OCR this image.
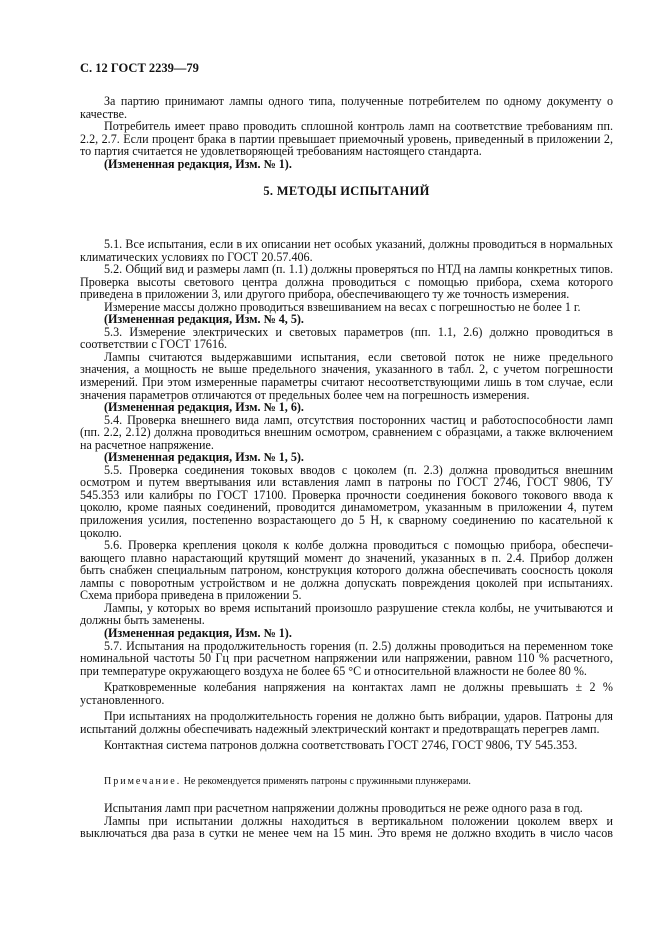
С. 12 ГОСТ 2239—79

За партию принимают лампы одного типа, полученные потребителем по одному документу о качестве.

Потребитель имеет право проводить сплошной контроль ламп на соответствие требованиям пп. 2.2, 2.7. Если процент брака в партии превышает приемочный уровень, приведенный в приложении 2, то партия считается не удовлетворяющей требованиям настоящего стандарта.

(Измененная редакция, Изм. № 1).

5. МЕТОДЫ ИСПЫТАНИЙ

5.1. Все испытания, если в их описании нет особых указаний, должны проводиться в нормальных климатических условиях по ГОСТ 20.57.406.

5.2. Общий вид и размеры ламп (п. 1.1) должны проверяться по НТД на лампы конкретных типов. Проверка высоты светового центра должна проводиться с помощью прибора, схема которого приведена в приложении 3, или другого прибора, обеспечивающего ту же точность измерения.

Измерение массы должно проводиться взвешиванием на весах с погрешностью не более 1 г.

(Измененная редакция, Изм. № 4, 5).

5.3. Измерение электрических и световых параметров (пп. 1.1, 2.6) должно проводиться в соответствии с ГОСТ 17616.

Лампы считаются выдержавшими испытания, если световой поток не ниже предельного значения, а мощность не выше предельного значения, указанного в табл. 2, с учетом погрешности измерений. При этом измеренные параметры считают несоответствующими лишь в том случае, если значения параметров отличаются от предельных более чем на погрешность измерения.

(Измененная редакция, Изм. № 1, 6).

5.4. Проверка внешнего вида ламп, отсутствия посторонних частиц и работоспособности ламп (пп. 2.2, 2.12) должна проводиться внешним осмотром, сравнением с образцами, а также включением на расчетное напряжение.

(Измененная редакция, Изм. № 1, 5).

5.5. Проверка соединения токовых вводов с цоколем (п. 2.3) должна проводиться внешним осмотром и путем ввертывания или вставления ламп в патроны по ГОСТ 2746, ГОСТ 9806, ТУ 545.353 или калибры по ГОСТ 17100. Проверка прочности соединения бокового токового ввода к цоколю, кроме паяных соединений, проводится динамометром, указанным в приложении 4, путем приложения усилия, постепенно возрастающего до 5 Н, к сварному соединению по касательной к цоколю.

5.6. Проверка крепления цоколя к колбе должна проводиться с помощью прибора, обеспечивающего плавно нарастающий крутящий момент до значений, указанных в п. 2.4. Прибор должен быть снабжен специальным патроном, конструкция которого должна обеспечивать соосность цоколя лампы с поворотным устройством и не должна допускать повреждения цоколей при испытаниях. Схема прибора приведена в приложении 5.

Лампы, у которых во время испытаний произошло разрушение стекла колбы, не учитываются и должны быть заменены.

(Измененная редакция, Изм. № 1).

5.7. Испытания на продолжительность горения (п. 2.5) должны проводиться на переменном токе номинальной частоты 50 Гц при расчетном напряжении или напряжении, равном 110 % расчетного, при температуре окружающего воздуха не более 65 °С и относительной влажности не более 80 %.

Кратковременные колебания напряжения на контактах ламп не должны превышать ± 2 % установленного.

При испытаниях на продолжительность горения не должно быть вибрации, ударов. Патроны для испытаний должны обеспечивать надежный электрический контакт и предотвращать перегрев ламп.

Контактная система патронов должна соответствовать ГОСТ 2746, ГОСТ 9806, ТУ 545.353.

Примечание. Не рекомендуется применять патроны с пружинными плунжерами.

Испытания ламп при расчетном напряжении должны проводиться не реже одного раза в год.

Лампы при испытании должны находиться в вертикальном положении цоколем вверх и выключаться два раза в сутки не менее чем на 15 мин. Это время не должно входить в число часов
